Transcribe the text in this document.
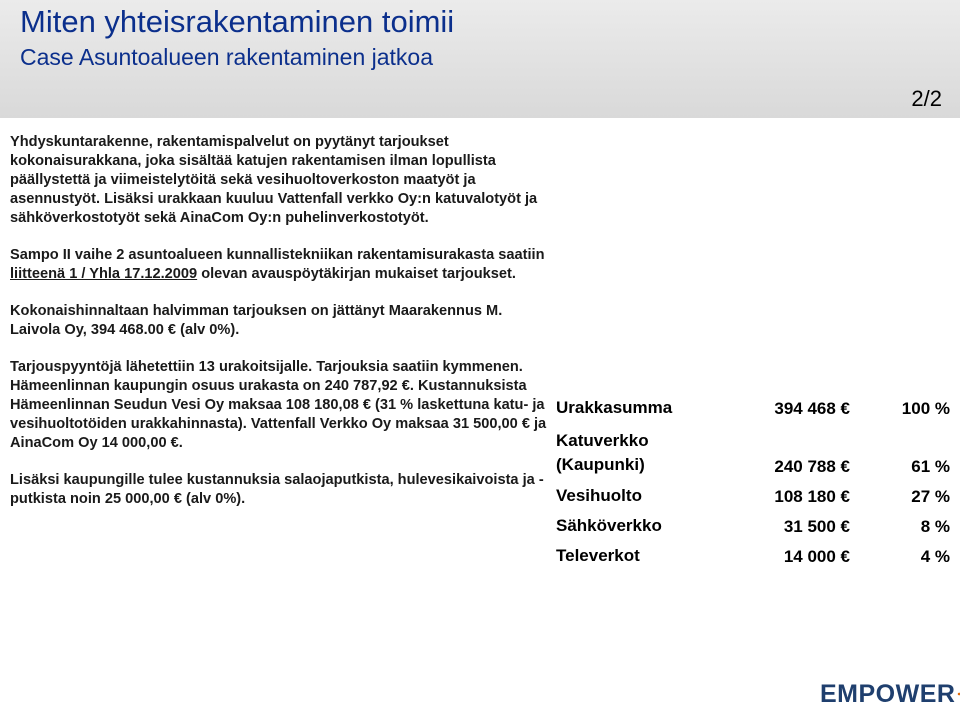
Miten yhteisrakentaminen toimii
Case Asuntoalueen rakentaminen jatkoa
2/2

Yhdyskuntarakenne, rakentamispalvelut on pyytänyt tarjoukset kokonaisurakkana, joka sisältää katujen rakentamisen ilman lopullista päällystettä ja viimeistelytöitä sekä vesihuoltoverkoston maatyöt ja asennustyöt. Lisäksi urakkaan kuuluu Vattenfall verkko Oy:n katuvalotyöt ja sähköverkostotyöt sekä AinaCom Oy:n puhelinverkostotyöt.

Sampo II vaihe 2 asuntoalueen kunnallistekniikan rakentamisurakasta saatiin liitteenä 1 / Yhla 17.12.2009 olevan avauspöytäkirjan mukaiset tarjoukset.

Kokonaishinnaltaan halvimman tarjouksen on jättänyt Maarakennus M. Laivola Oy, 394 468.00 € (alv 0%).

Tarjouspyyntöjä lähetettiin 13 urakoitsijalle. Tarjouksia saatiin kymmenen. Hämeenlinnan kaupungin osuus urakasta on 240 787,92 €. Kustannuksista Hämeenlinnan Seudun Vesi Oy maksaa 108 180,08 € (31 % laskettuna katu- ja vesihuoltotöiden urakkahinnasta). Vattenfall Verkko Oy maksaa 31 500,00 € ja AinaCom Oy 14 000,00 €.

Lisäksi kaupungille tulee kustannuksia salaojaputkista, hulevesikaivoista ja -putkista noin 25 000,00 € (alv 0%).

Urakkasumma	394 468 €	100 %
Katuverkko
(Kaupunki)	240 788 €	61 %
Vesihuolto	108 180 €	27 %
Sähköverkko	31 500 €	8 %
Televerkot	14 000 €	4 %
EMPOWER
